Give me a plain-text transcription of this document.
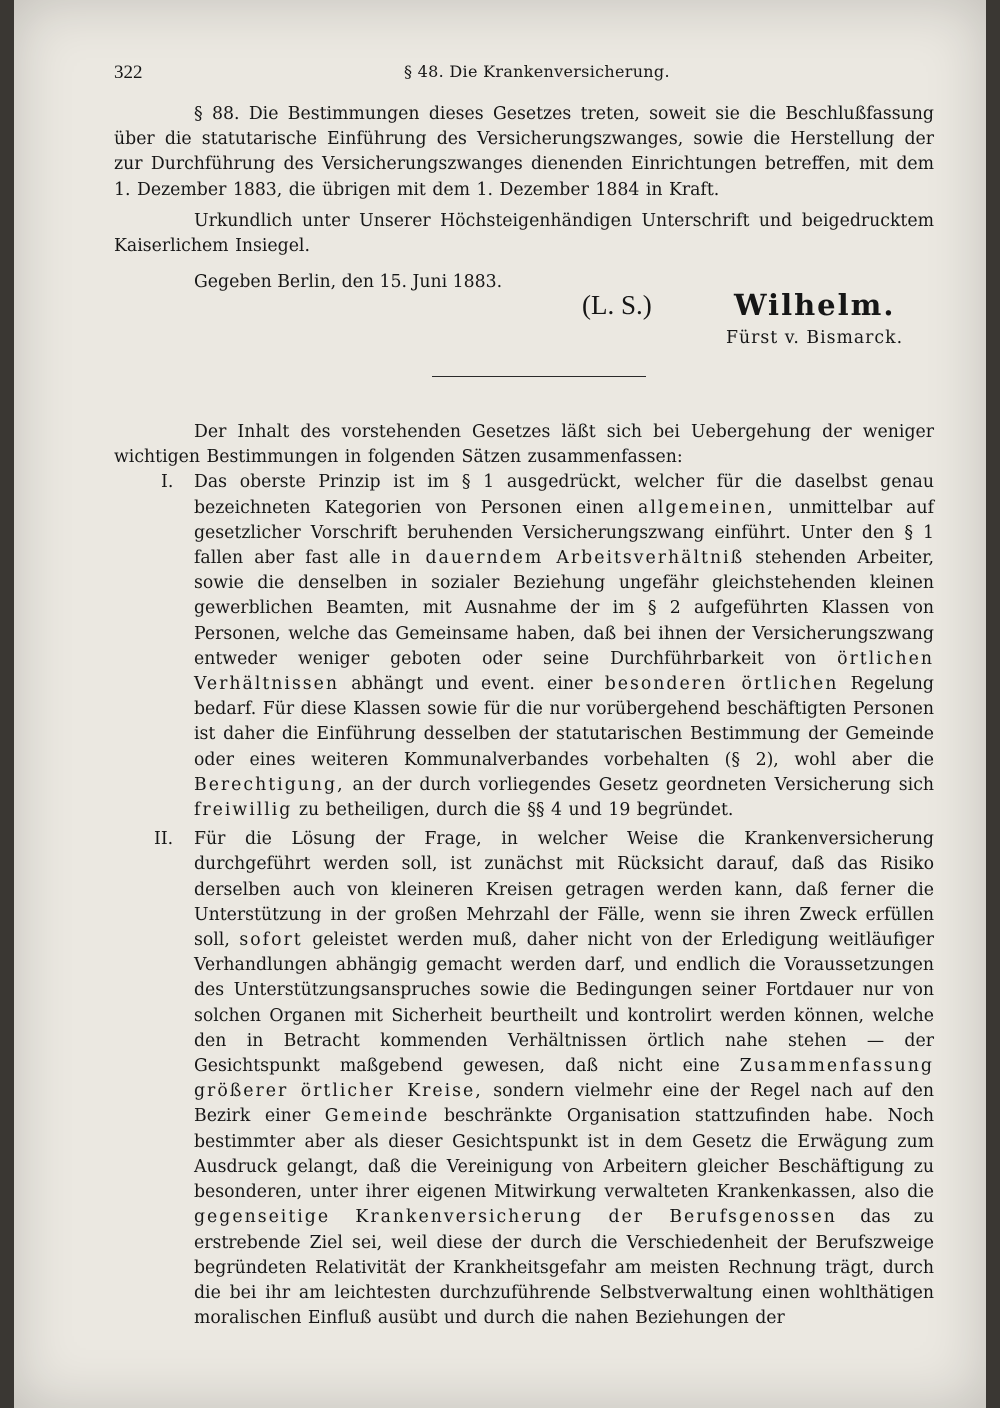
322	§ 48. Die Krankenversicherung.

§ 88. Die Bestimmungen dieses Gesetzes treten, soweit sie die Beschlußfassung über die statutarische Einführung des Versicherungszwanges, sowie die Herstellung der zur Durchführung des Versicherungszwanges dienenden Einrichtungen betreffen, mit dem 1. Dezember 1883, die übrigen mit dem 1. Dezember 1884 in Kraft.

Urkundlich unter Unserer Höchsteigenhändigen Unterschrift und beigedrucktem Kaiserlichem Insiegel.

Gegeben Berlin, den 15. Juni 1883.
(L. S.)	Wilhelm.
Fürst v. Bismarck.

Der Inhalt des vorstehenden Gesetzes läßt sich bei Uebergehung der weniger wichtigen Bestimmungen in folgenden Sätzen zusammenfassen:

I. Das oberste Prinzip ist im § 1 ausgedrückt, welcher für die daselbst genau bezeichneten Kategorien von Personen einen allgemeinen, unmittelbar auf gesetzlicher Vorschrift beruhenden Versicherungszwang einführt. Unter den § 1 fallen aber fast alle in dauerndem Arbeitsverhältniß stehenden Arbeiter, sowie die denselben in sozialer Beziehung ungefähr gleichstehenden kleinen gewerblichen Beamten, mit Ausnahme der im § 2 aufgeführten Klassen von Personen, welche das Gemeinsame haben, daß bei ihnen der Versicherungszwang entweder weniger geboten oder seine Durchführbarkeit von örtlichen Verhältnissen abhängt und event. einer besonderen örtlichen Regelung bedarf. Für diese Klassen sowie für die nur vorübergehend beschäftigten Personen ist daher die Einführung desselben der statutarischen Bestimmung der Gemeinde oder eines weiteren Kommunalverbandes vorbehalten (§ 2), wohl aber die Berechtigung, an der durch vorliegendes Gesetz geordneten Versicherung sich freiwillig zu betheiligen, durch die §§ 4 und 19 begründet.

II. Für die Lösung der Frage, in welcher Weise die Krankenversicherung durchgeführt werden soll, ist zunächst mit Rücksicht darauf, daß das Risiko derselben auch von kleineren Kreisen getragen werden kann, daß ferner die Unterstützung in der großen Mehrzahl der Fälle, wenn sie ihren Zweck erfüllen soll, sofort geleistet werden muß, daher nicht von der Erledigung weitläufiger Verhandlungen abhängig gemacht werden darf, und endlich die Voraussetzungen des Unterstützungsanspruches sowie die Bedingungen seiner Fortdauer nur von solchen Organen mit Sicherheit beurtheilt und kontrolirt werden können, welche den in Betracht kommenden Verhältnissen örtlich nahe stehen — der Gesichtspunkt maßgebend gewesen, daß nicht eine Zusammenfassung größerer örtlicher Kreise, sondern vielmehr eine der Regel nach auf den Bezirk einer Gemeinde beschränkte Organisation stattzufinden habe. Noch bestimmter aber als dieser Gesichtspunkt ist in dem Gesetz die Erwägung zum Ausdruck gelangt, daß die Vereinigung von Arbeitern gleicher Beschäftigung zu besonderen, unter ihrer eigenen Mitwirkung verwalteten Krankenkassen, also die gegenseitige Krankenversicherung der Berufsgenossen das zu erstrebende Ziel sei, weil diese der durch die Verschiedenheit der Berufszweige begründeten Relativität der Krankheitsgefahr am meisten Rechnung trägt, durch die bei ihr am leichtesten durchzuführende Selbstverwaltung einen wohlthätigen moralischen Einfluß ausübt und durch die nahen Beziehungen der
